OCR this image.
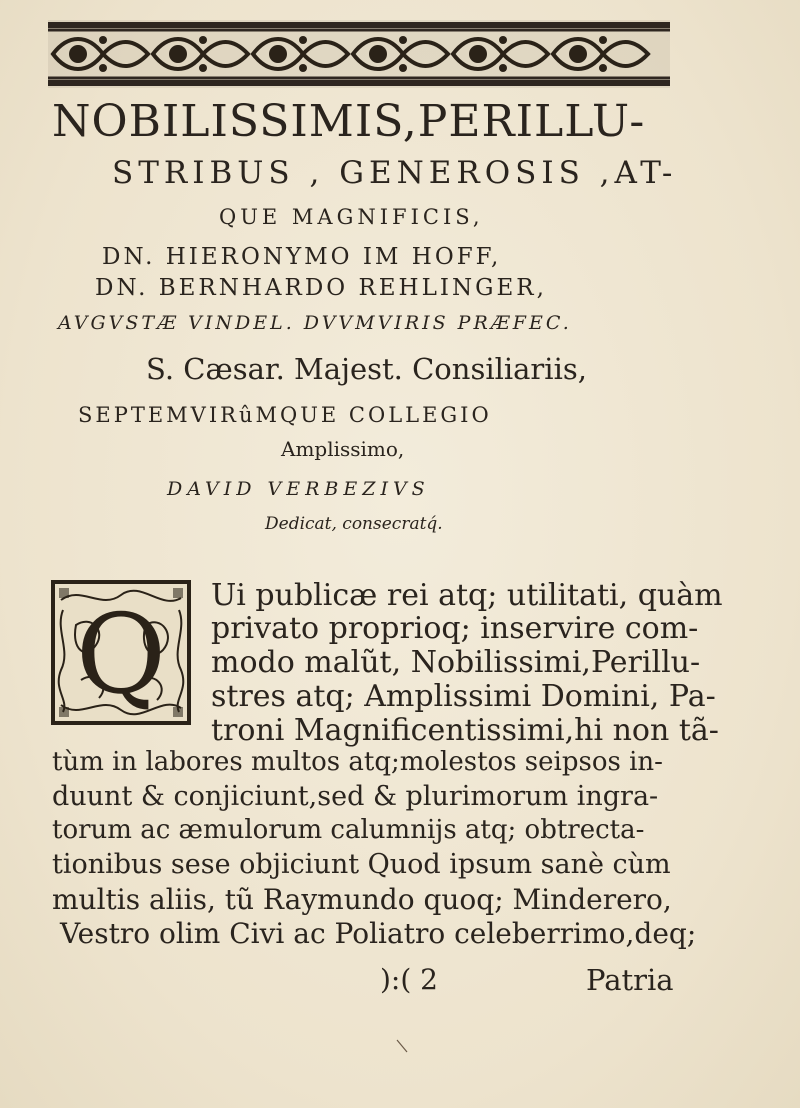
NOBILISSIMIS,PERILLU-
STRIBUS , GENEROSIS ,AT-
QUE MAGNIFICIS,
DN. HIERONYMO IM HOFF,
DN. BERNHARDO REHLINGER,
AVGVSTÆ VINDEL. DVVMVIRIS PRÆFEC.
S. Cæsar. Majest. Consiliariis,
SEPTEMVIRûMQUE COLLEGIO
Amplissimo,
DAVID VERBEZIVS
Dedicat, consecratq́.
Q Ui publicæ rei atq; utilitati, quàm
privato proprioq; inservire com-
modo malũt, Nobilissimi,Perillu-
stres atq; Amplissimi Domini, Pa-
troni Magnificentissimi,hi non tã-
tùm in labores multos atq;molestos seipsos in-
duunt & conjiciunt,sed & plurimorum ingra-
torum ac æmulorum calumnijs atq; obtrecta-
tionibus sese objiciunt Quod ipsum sanè cùm
multis aliis, tũ Raymundo quoq; Minderero,
Vestro olim Civi ac Poliatro celeberrimo,deq;
):( 2	Patria
